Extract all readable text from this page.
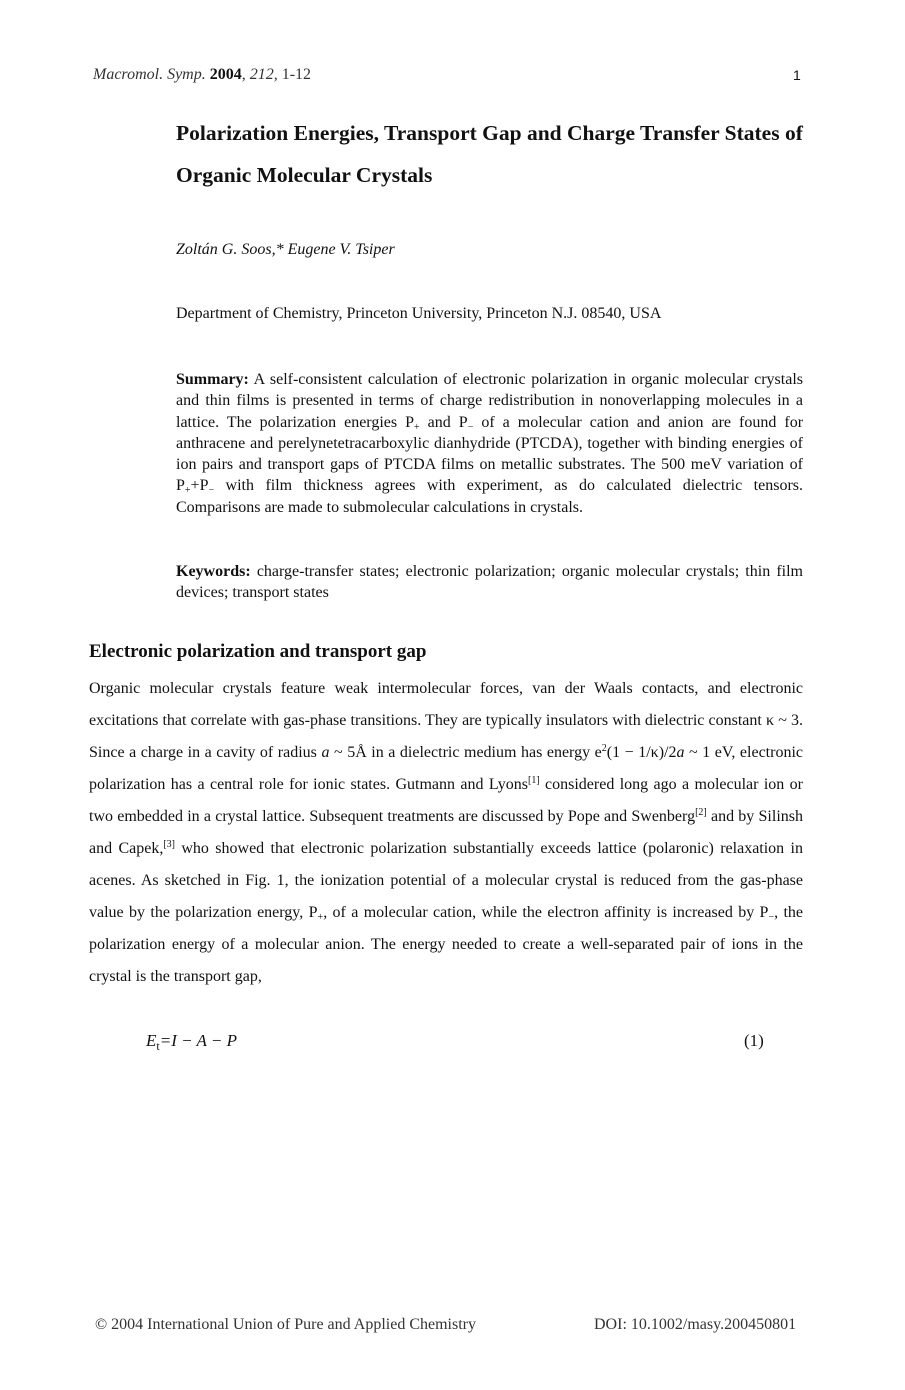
Macromol. Symp. 2004, 212, 1-12	1
Polarization Energies, Transport Gap and Charge Transfer States of Organic Molecular Crystals
Zoltán G. Soos,* Eugene V. Tsiper
Department of Chemistry, Princeton University, Princeton N.J. 08540, USA
Summary: A self-consistent calculation of electronic polarization in organic molecular crystals and thin films is presented in terms of charge redistribution in nonoverlapping molecules in a lattice. The polarization energies $P_+$ and $P_-$ of a molecular cation and anion are found for anthracene and perelynetetracarboxylic dianhydride (PTCDA), together with binding energies of ion pairs and transport gaps of PTCDA films on metallic substrates. The 500 meV variation of $P_++P_-$ with film thickness agrees with experiment, as do calculated dielectric tensors. Comparisons are made to submolecular calculations in crystals.
Keywords: charge-transfer states; electronic polarization; organic molecular crystals; thin film devices; transport states
Electronic polarization and transport gap
Organic molecular crystals feature weak intermolecular forces, van der Waals contacts, and electronic excitations that correlate with gas-phase transitions. They are typically insulators with dielectric constant κ ~ 3. Since a charge in a cavity of radius a ~ 5Å in a dielectric medium has energy $e^2(1 - 1/\kappa)/2a$ ~ 1 eV, electronic polarization has a central role for ionic states. Gutmann and Lyons[1] considered long ago a molecular ion or two embedded in a crystal lattice. Subsequent treatments are discussed by Pope and Swenberg[2] and by Silinsh and Capek,[3] who showed that electronic polarization substantially exceeds lattice (polaronic) relaxation in acenes. As sketched in Fig. 1, the ionization potential of a molecular crystal is reduced from the gas-phase value by the polarization energy, $P_+$, of a molecular cation, while the electron affinity is increased by $P_-$, the polarization energy of a molecular anion. The energy needed to create a well-separated pair of ions in the crystal is the transport gap,
$E_t=I - A - P$	(1)
© 2004 International Union of Pure and Applied Chemistry	DOI: 10.1002/masy.200450801
